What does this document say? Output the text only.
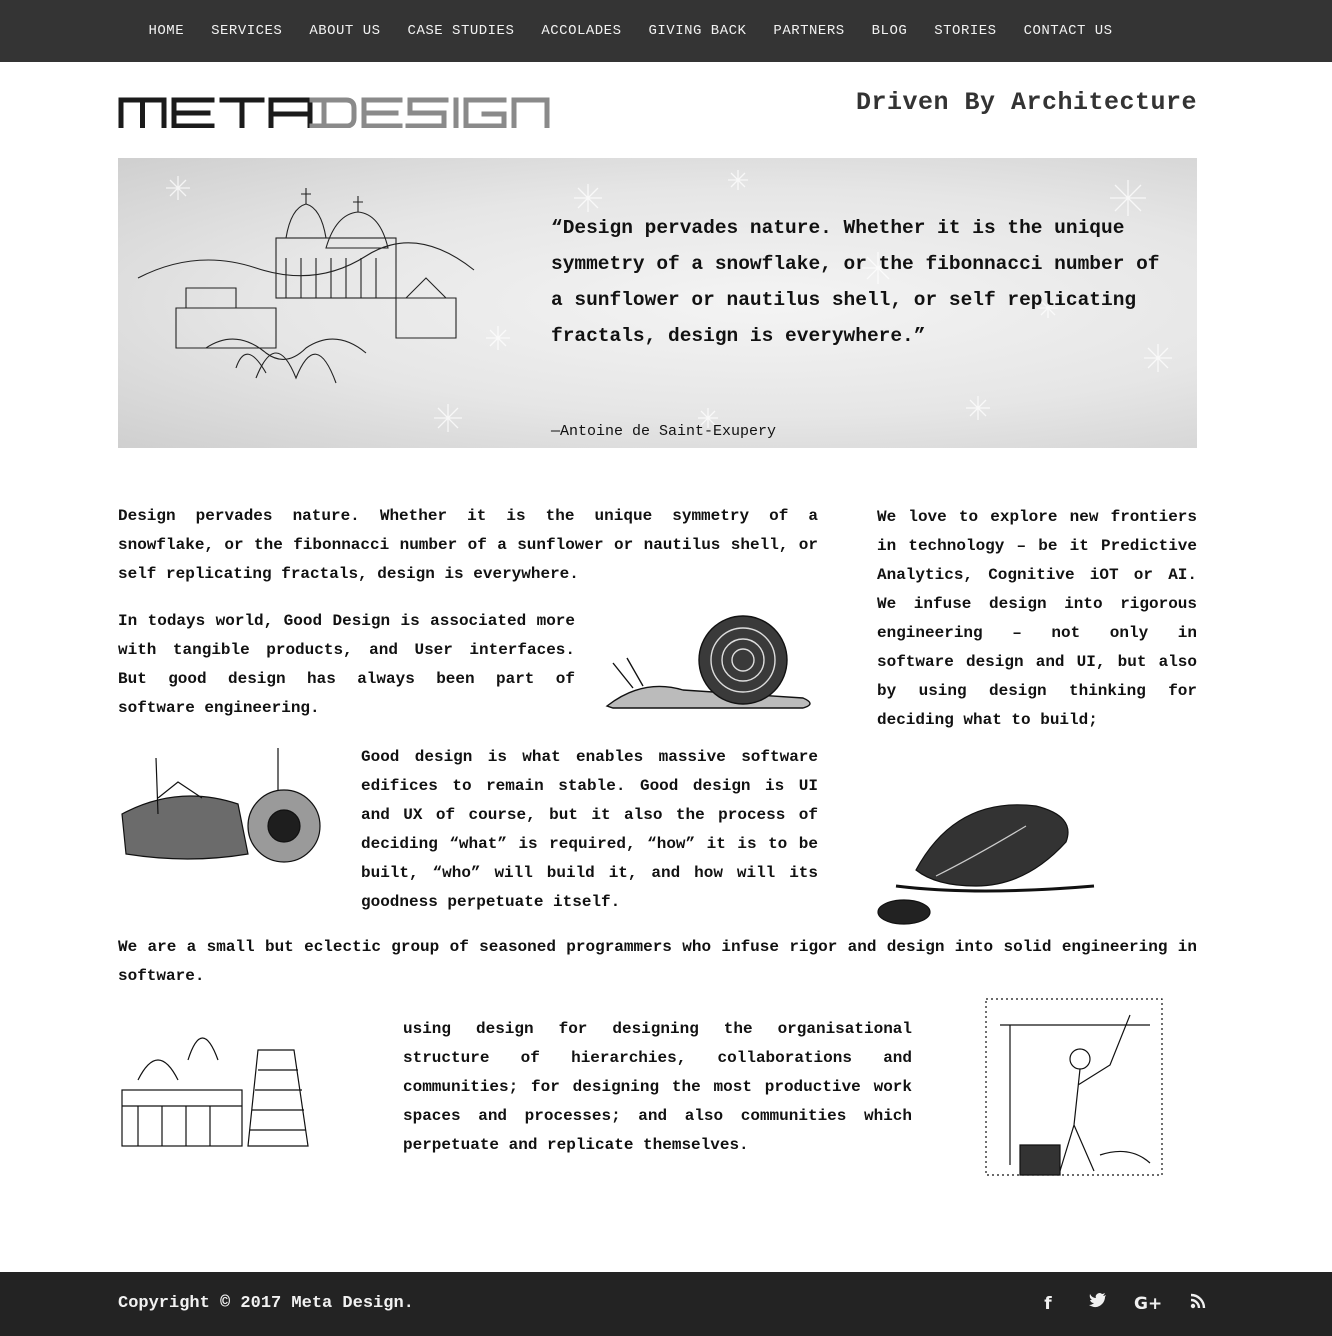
HOME	SERVICES	ABOUT US	CASE STUDIES	ACCOLADES	GIVING BACK	PARTNERS	BLOG	STORIES	CONTACT US
Driven By Architecture

“Design pervades nature. Whether it is the unique symmetry of a snowflake, or the fibonnacci number of a sunflower or nautilus shell, or self replicating fractals, design is everywhere.”

—Antoine de Saint-Exupery

Design pervades nature. Whether it is the unique symmetry of a snowflake, or the fibonnacci number of a sunflower or nautilus shell, or self replicating fractals, design is everywhere.

In todays world, Good Design is associated more with tangible products, and User interfaces. But good design has always been part of software engineering.

Good design is what enables massive software edifices to remain stable. Good design is UI and UX of course, but it also the process of deciding “what” is required, “how” it is to be built, “who” will build it, and how will its goodness perpetuate itself.

We love to explore new frontiers in technology – be it Predictive Analytics, Cognitive iOT or AI. We infuse design into rigorous engineering – not only in software design and UI, but also by using design thinking for deciding what to build;

We are a small but eclectic group of seasoned programmers who infuse rigor and design into solid engineering in software.

using design for designing the organisational structure of hierarchies, collaborations and communities; for designing the most productive work spaces and processes; and also communities which perpetuate and replicate themselves.

Copyright © 2017 Meta Design.	f	G+
